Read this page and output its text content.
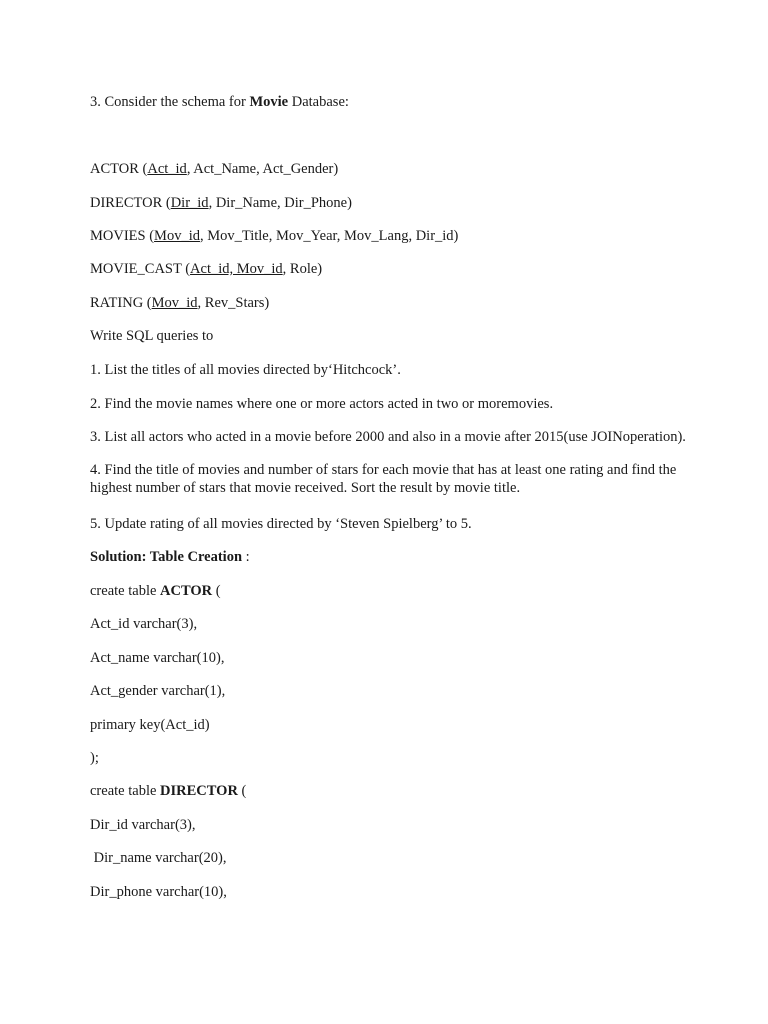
3. Consider the schema for Movie Database:
ACTOR (Act_id, Act_Name, Act_Gender)
DIRECTOR (Dir_id, Dir_Name, Dir_Phone)
MOVIES (Mov_id, Mov_Title, Mov_Year, Mov_Lang, Dir_id)
MOVIE_CAST (Act_id, Mov_id, Role)
RATING (Mov_id, Rev_Stars)
Write SQL queries to
1. List the titles of all movies directed by‘Hitchcock’.
2. Find the movie names where one or more actors acted in two or moremovies.
3. List all actors who acted in a movie before 2000 and also in a movie after 2015(use JOINoperation).
4. Find the title of movies and number of stars for each movie that has at least one rating and find the highest number of stars that movie received. Sort the result by movie title.
5. Update rating of all movies directed by ‘Steven Spielberg’ to 5.
Solution: Table Creation :
create table ACTOR (
Act_id varchar(3),
Act_name varchar(10),
Act_gender varchar(1),
primary key(Act_id)
);
create table DIRECTOR (
Dir_id varchar(3),
Dir_name varchar(20),
Dir_phone varchar(10),
